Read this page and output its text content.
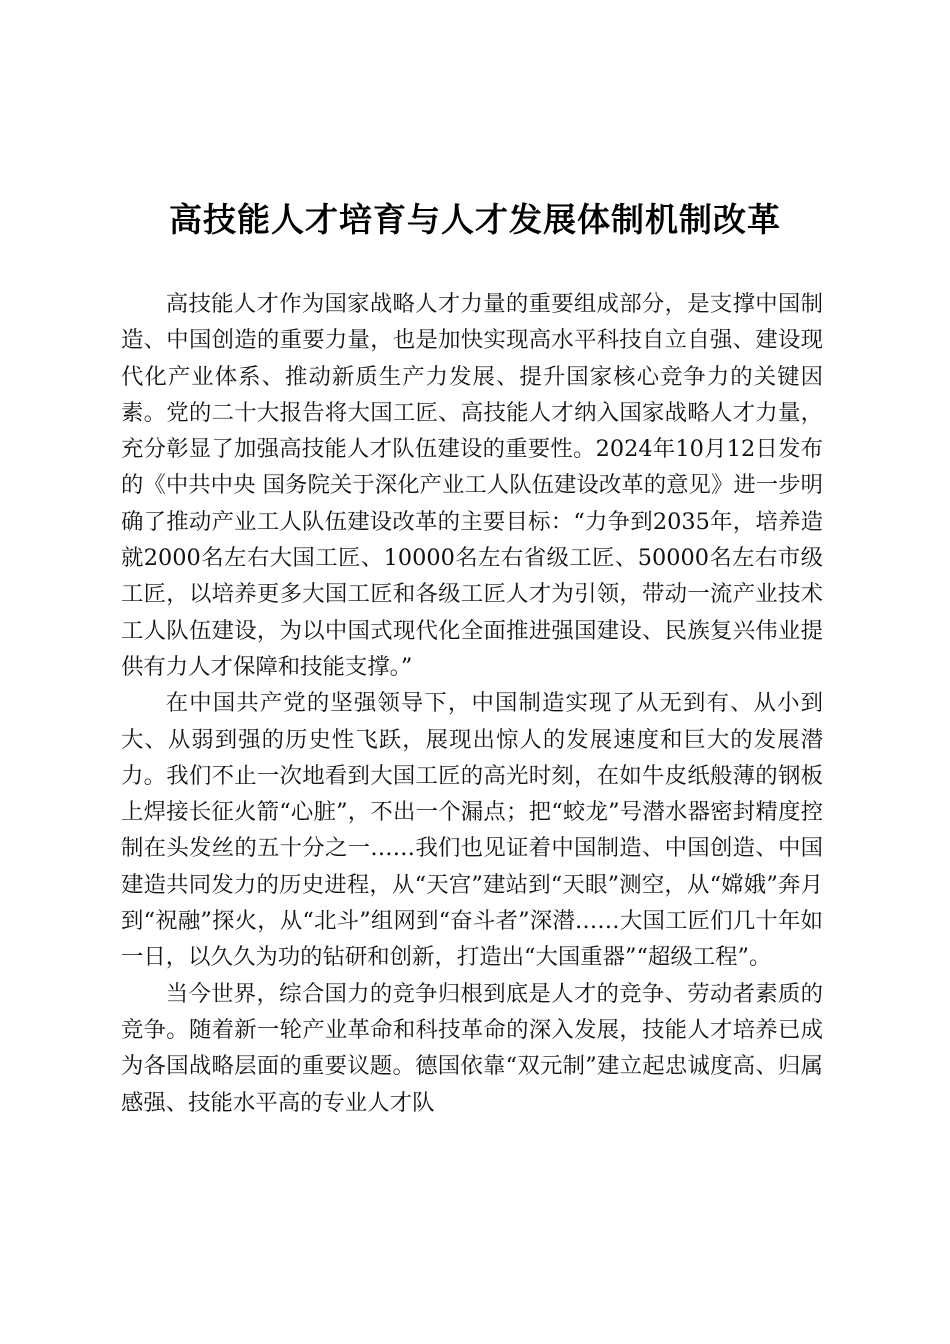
高技能人才培育与人才发展体制机制改革

高技能人才作为国家战略人才力量的重要组成部分，是支撑中国制造、中国创造的重要力量，也是加快实现高水平科技自立自强、建设现代化产业体系、推动新质生产力发展、提升国家核心竞争力的关键因素。党的二十大报告将大国工匠、高技能人才纳入国家战略人才力量，充分彰显了加强高技能人才队伍建设的重要性。2024年10月12日发布的《中共中央 国务院关于深化产业工人队伍建设改革的意见》进一步明确了推动产业工人队伍建设改革的主要目标：“力争到2035年，培养造就2000名左右大国工匠、10000名左右省级工匠、50000名左右市级工匠，以培养更多大国工匠和各级工匠人才为引领，带动一流产业技术工人队伍建设，为以中国式现代化全面推进强国建设、民族复兴伟业提供有力人才保障和技能支撑。”

在中国共产党的坚强领导下，中国制造实现了从无到有、从小到大、从弱到强的历史性飞跃，展现出惊人的发展速度和巨大的发展潜力。我们不止一次地看到大国工匠的高光时刻，在如牛皮纸般薄的钢板上焊接长征火箭“心脏”，不出一个漏点；把“蛟龙”号潜水器密封精度控制在头发丝的五十分之一……我们也见证着中国制造、中国创造、中国建造共同发力的历史进程，从“天宫”建站到“天眼”测空，从“嫦娥”奔月到“祝融”探火，从“北斗”组网到“奋斗者”深潜……大国工匠们几十年如一日，以久久为功的钻研和创新，打造出“大国重器”“超级工程”。

当今世界，综合国力的竞争归根到底是人才的竞争、劳动者素质的竞争。随着新一轮产业革命和科技革命的深入发展，技能人才培养已成为各国战略层面的重要议题。德国依靠“双元制”建立起忠诚度高、归属感强、技能水平高的专业人才队
